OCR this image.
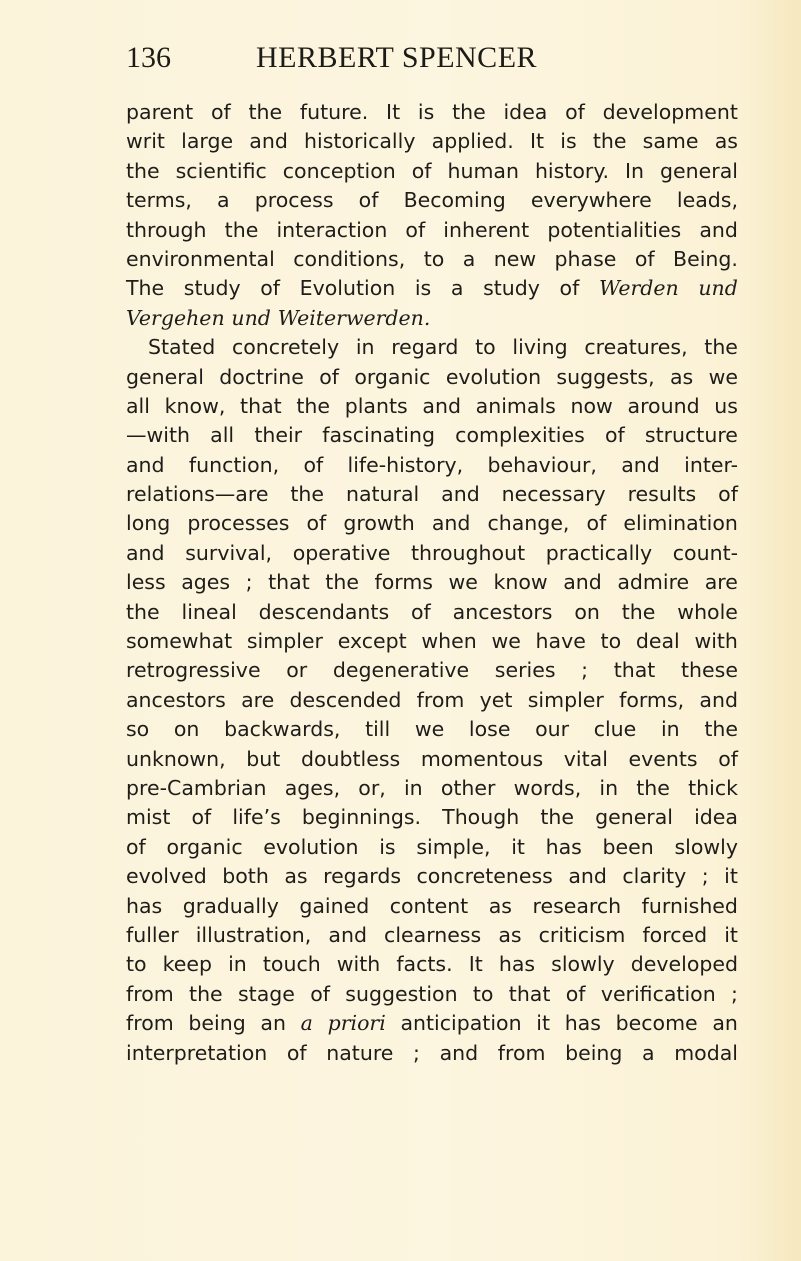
136	HERBERT SPENCER
parent of the future. It is the idea of development
writ large and historically applied. It is the same as
the scientific conception of human history. In general
terms, a process of Becoming everywhere leads,
through the interaction of inherent potentialities and
environmental conditions, to a new phase of Being.
The study of Evolution is a study of Werden und
Vergehen und Weiterwerden.
Stated concretely in regard to living creatures, the
general doctrine of organic evolution suggests, as we
all know, that the plants and animals now around us
—with all their fascinating complexities of structure
and function, of life-history, behaviour, and inter-
relations—are the natural and necessary results of
long processes of growth and change, of elimination
and survival, operative throughout practically count-
less ages ; that the forms we know and admire are
the lineal descendants of ancestors on the whole
somewhat simpler except when we have to deal with
retrogressive or degenerative series ; that these
ancestors are descended from yet simpler forms, and
so on backwards, till we lose our clue in the
unknown, but doubtless momentous vital events of
pre-Cambrian ages, or, in other words, in the thick
mist of life’s beginnings. Though the general idea
of organic evolution is simple, it has been slowly
evolved both as regards concreteness and clarity ; it
has gradually gained content as research furnished
fuller illustration, and clearness as criticism forced it
to keep in touch with facts. It has slowly developed
from the stage of suggestion to that of verification ;
from being an a priori anticipation it has become an
interpretation of nature ; and from being a modal
